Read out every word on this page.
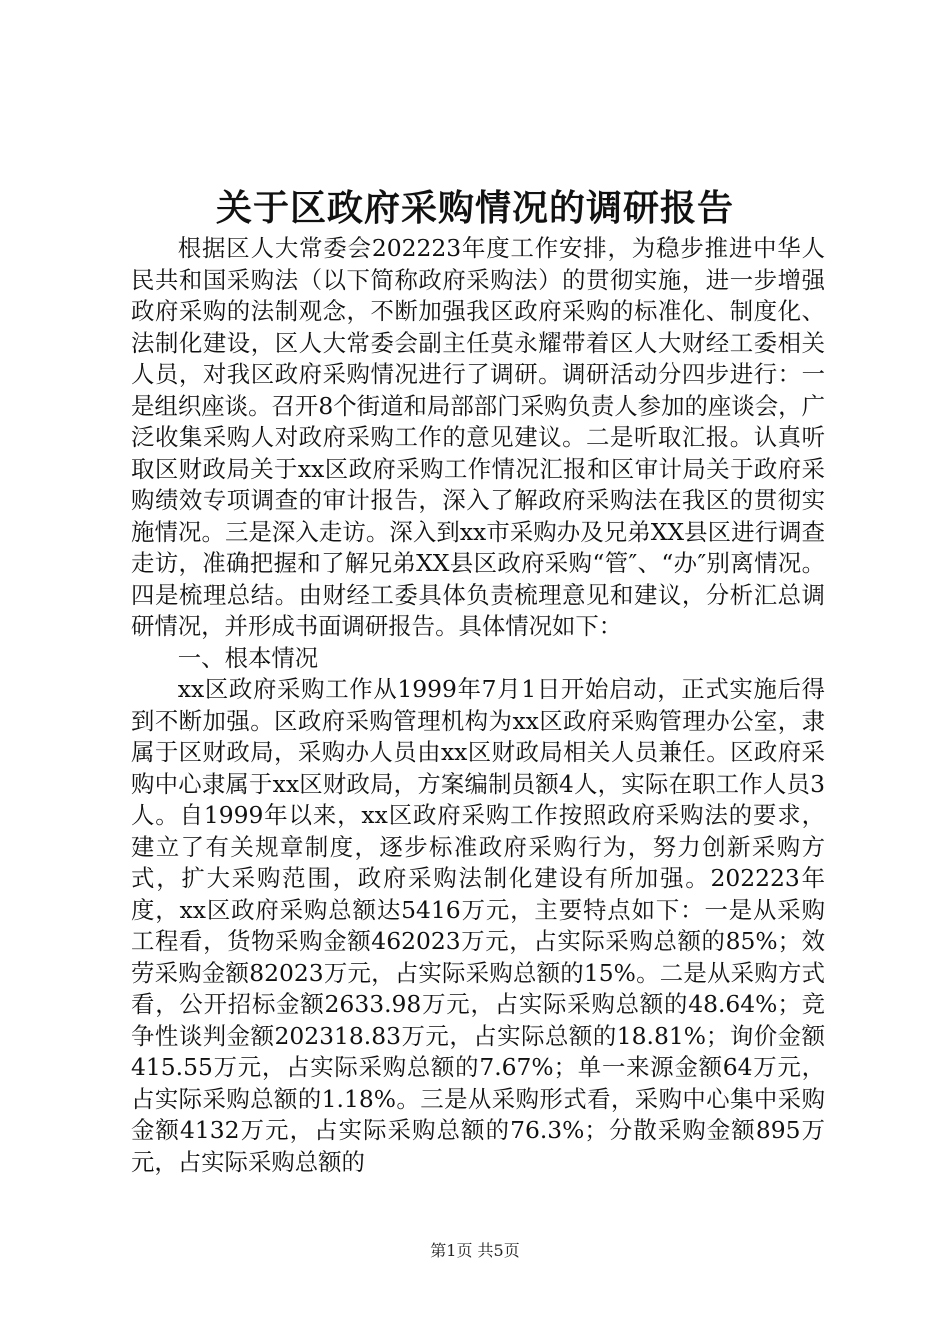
关于区政府采购情况的调研报告

根据区人大常委会202223年度工作安排，为稳步推进中华人民共和国采购法（以下简称政府采购法）的贯彻实施，进一步增强政府采购的法制观念，不断加强我区政府采购的标准化、制度化、法制化建设，区人大常委会副主任莫永耀带着区人大财经工委相关人员，对我区政府采购情况进行了调研。调研活动分四步进行：一是组织座谈。召开8个街道和局部部门采购负责人参加的座谈会，广泛收集采购人对政府采购工作的意见建议。二是听取汇报。认真听取区财政局关于xx区政府采购工作情况汇报和区审计局关于政府采购绩效专项调查的审计报告，深入了解政府采购法在我区的贯彻实施情况。三是深入走访。深入到xx市采购办及兄弟XX县区进行调查走访，准确把握和了解兄弟XX县区政府采购“管″、“办″别离情况。四是梳理总结。由财经工委具体负责梳理意见和建议，分析汇总调研情况，并形成书面调研报告。具体情况如下：

一、根本情况

xx区政府采购工作从1999年7月1日开始启动，正式实施后得到不断加强。区政府采购管理机构为xx区政府采购管理办公室，隶属于区财政局，采购办人员由xx区财政局相关人员兼任。区政府采购中心隶属于xx区财政局，方案编制员额4人，实际在职工作人员3人。自1999年以来，xx区政府采购工作按照政府采购法的要求，建立了有关规章制度，逐步标准政府采购行为，努力创新采购方式，扩大采购范围，政府采购法制化建设有所加强。202223年度，xx区政府采购总额达5416万元，主要特点如下：一是从采购工程看，货物采购金额462023万元，占实际采购总额的85%；效劳采购金额82023万元，占实际采购总额的15%。二是从采购方式看，公开招标金额2633.98万元，占实际采购总额的48.64%；竞争性谈判金额202318.83万元，占实际总额的18.81%；询价金额415.55万元，占实际采购总额的7.67%；单一来源金额64万元，占实际采购总额的1.18%。三是从采购形式看，采购中心集中采购金额4132万元，占实际采购总额的76.3%；分散采购金额895万元，占实际采购总额的

第1页 共5页
